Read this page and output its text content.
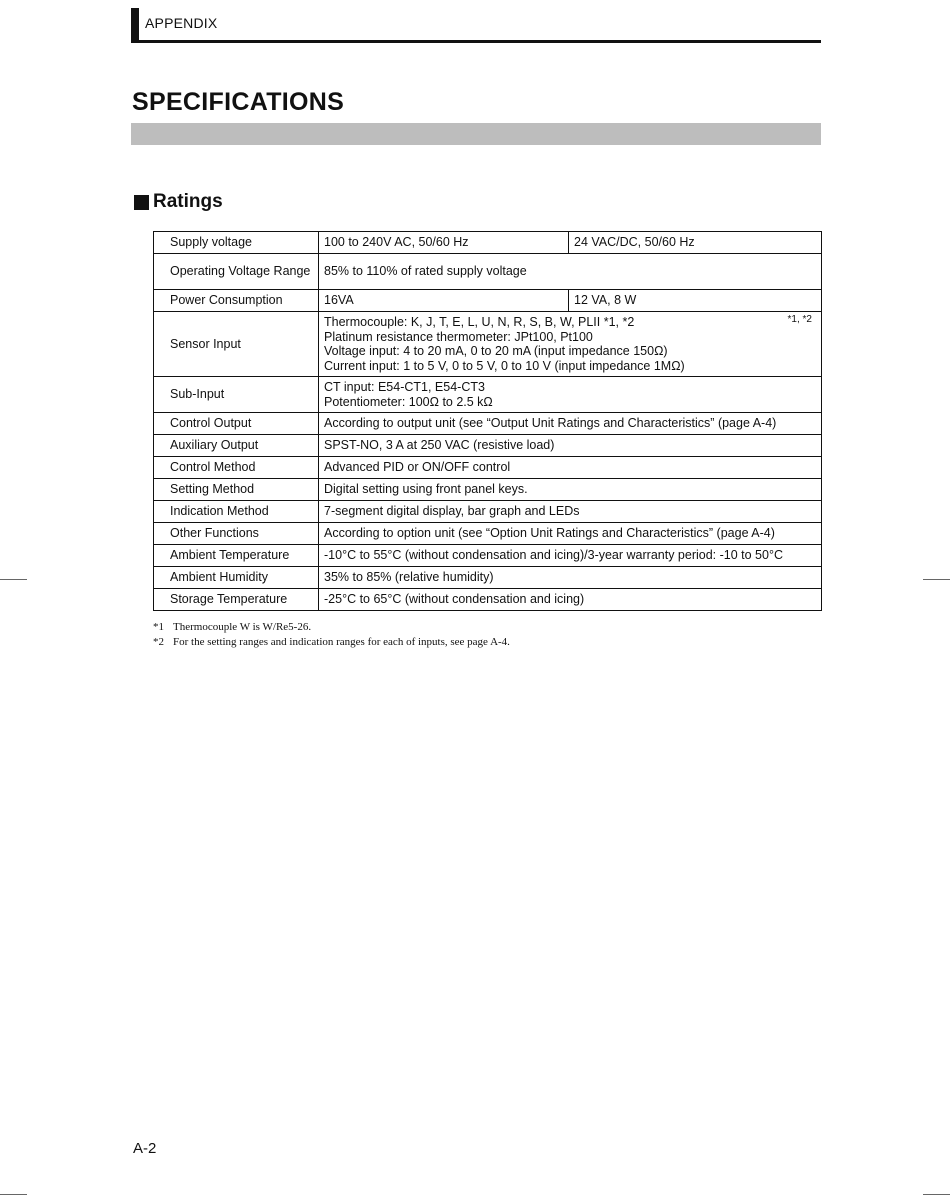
APPENDIX
SPECIFICATIONS
Ratings
Supply voltage	100 to 240V AC, 50/60 Hz	24 VAC/DC, 50/60 Hz
Operating Voltage Range	85% to 110% of rated supply voltage	
Power Consumption	16VA	12 VA, 8 W
Sensor Input	Thermocouple: K, J, T, E, L, U, N, R, S, B, W, PLII *1, *2
Platinum resistance thermometer: JPt100, Pt100
Voltage input: 4 to 20 mA, 0 to 20 mA (input impedance 150Ω)
Current input: 1 to 5 V, 0 to 5 V, 0 to 10 V (input impedance 1MΩ)
*1, *2	

Sub-Input	CT input: E54-CT1, E54-CT3
Potentiometer: 100Ω to 2.5 kΩ	

Control Output	According to output unit (see “Output Unit Ratings and Characteristics” (page A-4)	
Auxiliary Output	SPST-NO, 3 A at 250 VAC (resistive load)	
Control Method	Advanced PID or ON/OFF control	
Setting Method	Digital setting using front panel keys.	
Indication Method	7-segment digital display, bar graph and LEDs	
Other Functions	According to option unit (see “Option Unit Ratings and Characteristics” (page A-4)	
Ambient Temperature	-10°C to 55°C (without condensation and icing)/3-year warranty period: -10 to 50°C	
Ambient Humidity	35% to 85% (relative humidity)	
Storage Temperature	-25°C to 65°C (without condensation and icing)	
*1 Thermocouple W is W/Re5-26.
*2 For the setting ranges and indication ranges for each of inputs, see page A-4.
A-2
